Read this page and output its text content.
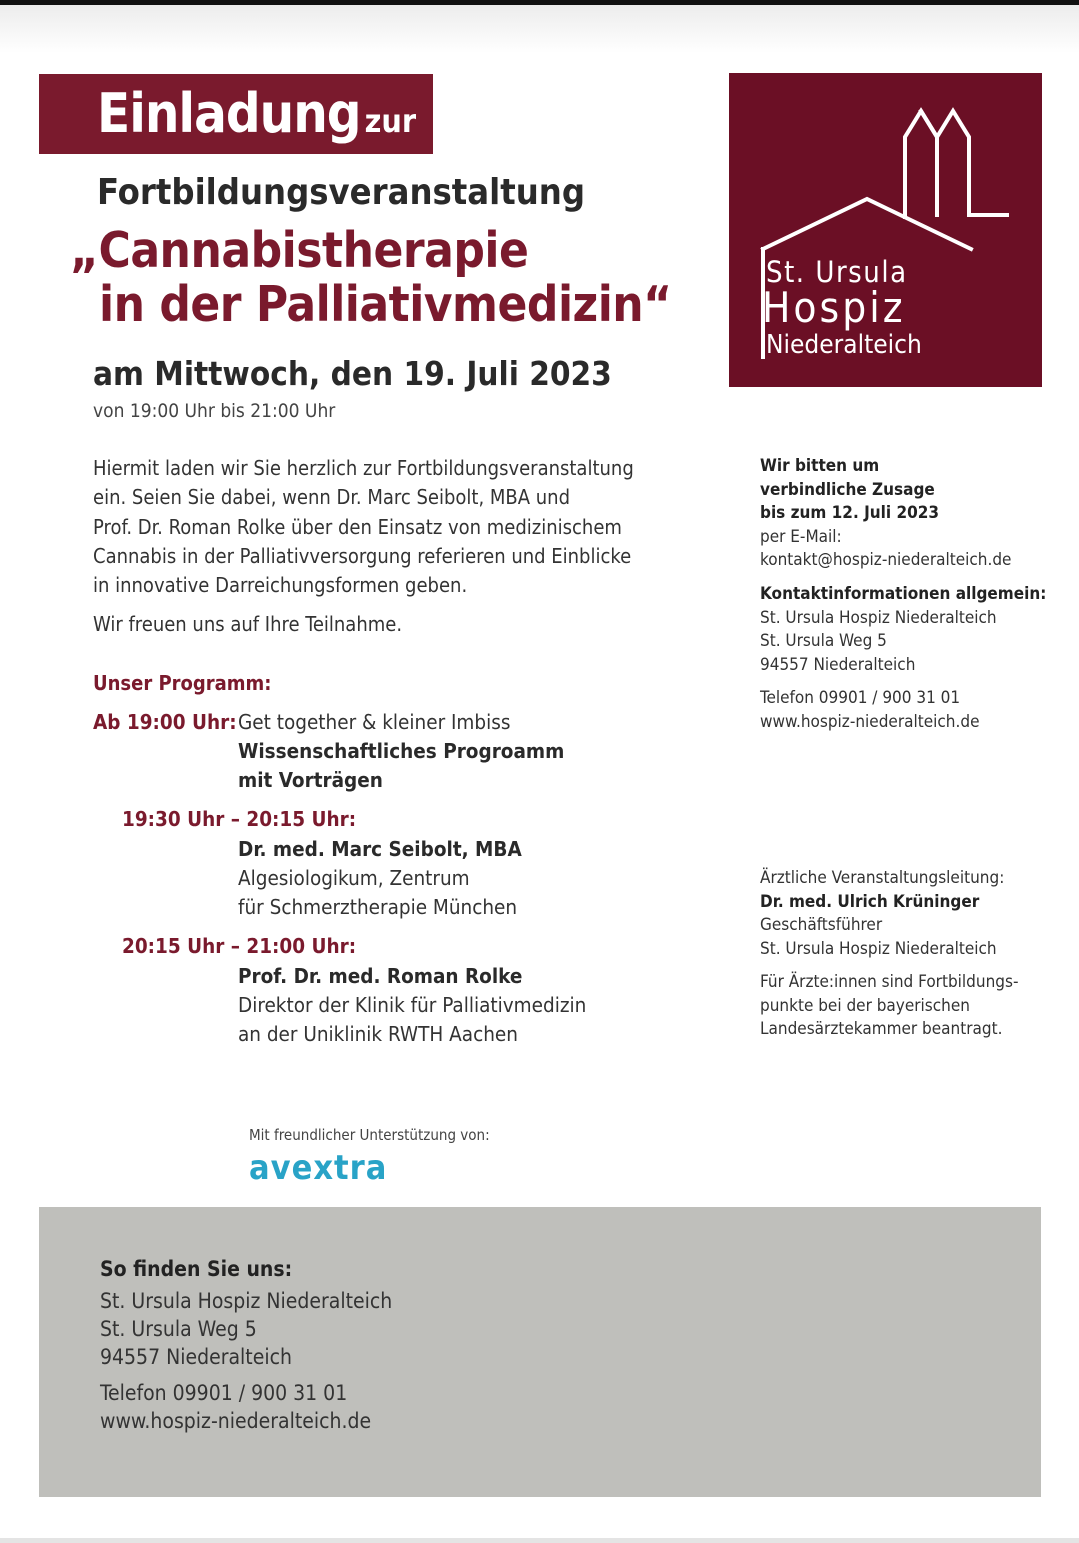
Einladung zur
Fortbildungsveranstaltung
„Cannabistherapie
in der Palliativmedizin“
am Mittwoch, den 19. Juli 2023
von 19:00 Uhr bis 21:00 Uhr

Hiermit laden wir Sie herzlich zur Fortbildungsveranstaltung

ein. Seien Sie dabei, wenn Dr. Marc Seibolt, MBA und

Prof. Dr. Roman Rolke über den Einsatz von medizinischem

Cannabis in der Palliativversorgung referieren und Einblicke

in innovative Darreichungsformen geben.

Wir freuen uns auf Ihre Teilnahme.
Unser Programm:
Ab 19:00 Uhr: Get together & kleiner Imbiss
Wissenschaftliches Progroamm
mit Vorträgen
19:30 Uhr – 20:15 Uhr:
Dr. med. Marc Seibolt, MBA
Algesiologikum, Zentrum
für Schmerztherapie München
20:15 Uhr – 21:00 Uhr:
Prof. Dr. med. Roman Rolke
Direktor der Klinik für Palliativmedizin
an der Uniklinik RWTH Aachen
St. Ursula
Hospiz
Niederalteich
Wir bitten um
verbindliche Zusage
bis zum 12. Juli 2023
per E-Mail:
kontakt@hospiz-niederalteich.de
Kontaktinformationen allgemein:
St. Ursula Hospiz Niederalteich
St. Ursula Weg 5
94557 Niederalteich
Telefon 09901 / 900 31 01
www.hospiz-niederalteich.de
Ärztliche Veranstaltungsleitung:
Dr. med. Ulrich Krüninger
Geschäftsführer
St. Ursula Hospiz Niederalteich
Für Ärzte:innen sind Fortbildungs-
punkte bei der bayerischen
Landesärztekammer beantragt.
Mit freundlicher Unterstützung von:
avextra
So finden Sie uns:
St. Ursula Hospiz Niederalteich
St. Ursula Weg 5
94557 Niederalteich
Telefon 09901 / 900 31 01
www.hospiz-niederalteich.de
